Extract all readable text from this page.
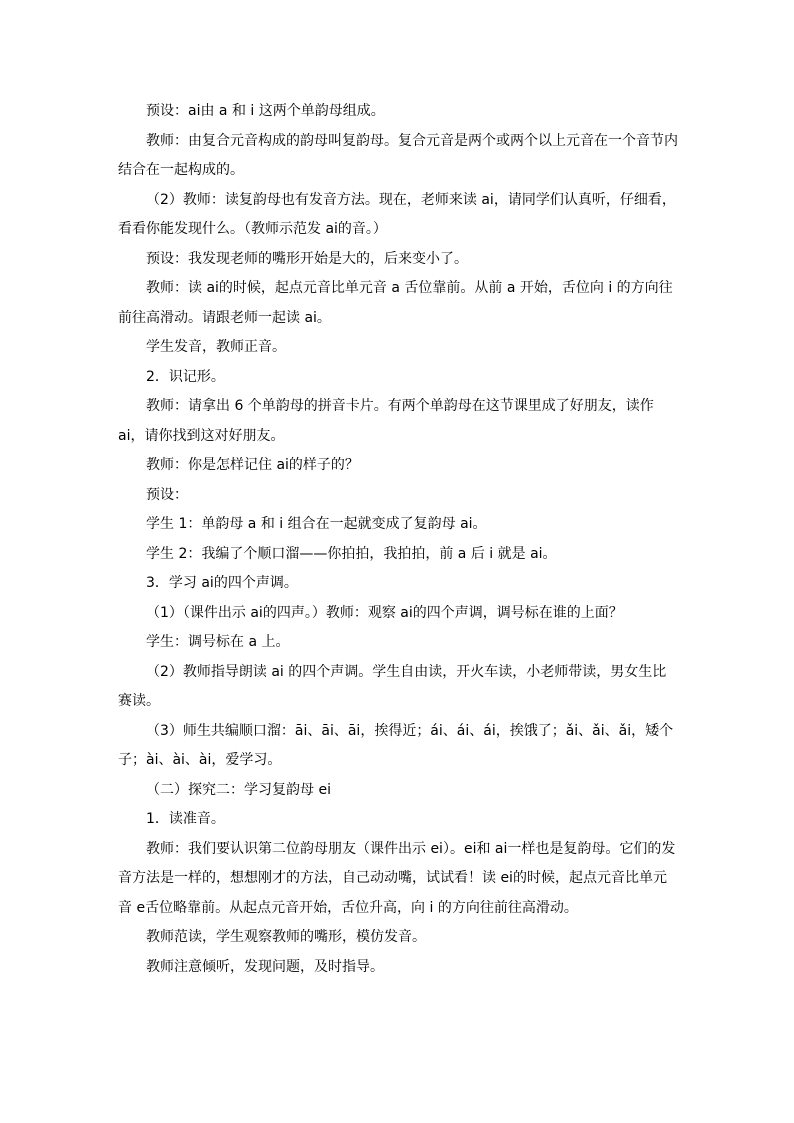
预设：ai由 a 和 i 这两个单韵母组成。

教师：由复合元音构成的韵母叫复韵母。复合元音是两个或两个以上元音在一个音节内结合在一起构成的。

（2）教师：读复韵母也有发音方法。现在，老师来读 ai，请同学们认真听，仔细看，看看你能发现什么。（教师示范发 ai的音。）

预设：我发现老师的嘴形开始是大的，后来变小了。

教师：读 ai的时候，起点元音比单元音 a 舌位靠前。从前 a 开始，舌位向 i 的方向往前往高滑动。请跟老师一起读 ai。

学生发音，教师正音。

2．识记形。

教师：请拿出 6 个单韵母的拼音卡片。有两个单韵母在这节课里成了好朋友，读作 ai，请你找到这对好朋友。

教师：你是怎样记住 ai的样子的？

预设：

学生 1：单韵母 a 和 i 组合在一起就变成了复韵母 ai。

学生 2：我编了个顺口溜——你拍拍，我拍拍，前 a 后 i 就是 ai。

3．学习 ai的四个声调。

（1）（课件出示 ai的四声。）教师：观察 ai的四个声调，调号标在谁的上面？

学生：调号标在 a 上。

（2）教师指导朗读 ai 的四个声调。学生自由读，开火车读，小老师带读，男女生比赛读。

（3）师生共编顺口溜：āi、āi、āi，挨得近；ái、ái、ái，挨饿了；ǎi、ǎi、ǎi，矮个子；ài、ài、ài，爱学习。

（二）探究二：学习复韵母 ei

1．读准音。

教师：我们要认识第二位韵母朋友（课件出示 ei）。ei和 ai一样也是复韵母。它们的发音方法是一样的，想想刚才的方法，自己动动嘴，试试看！读 ei的时候，起点元音比单元音 e舌位略靠前。从起点元音开始，舌位升高，向 i 的方向往前往高滑动。

教师范读，学生观察教师的嘴形，模仿发音。

教师注意倾听，发现问题，及时指导。
